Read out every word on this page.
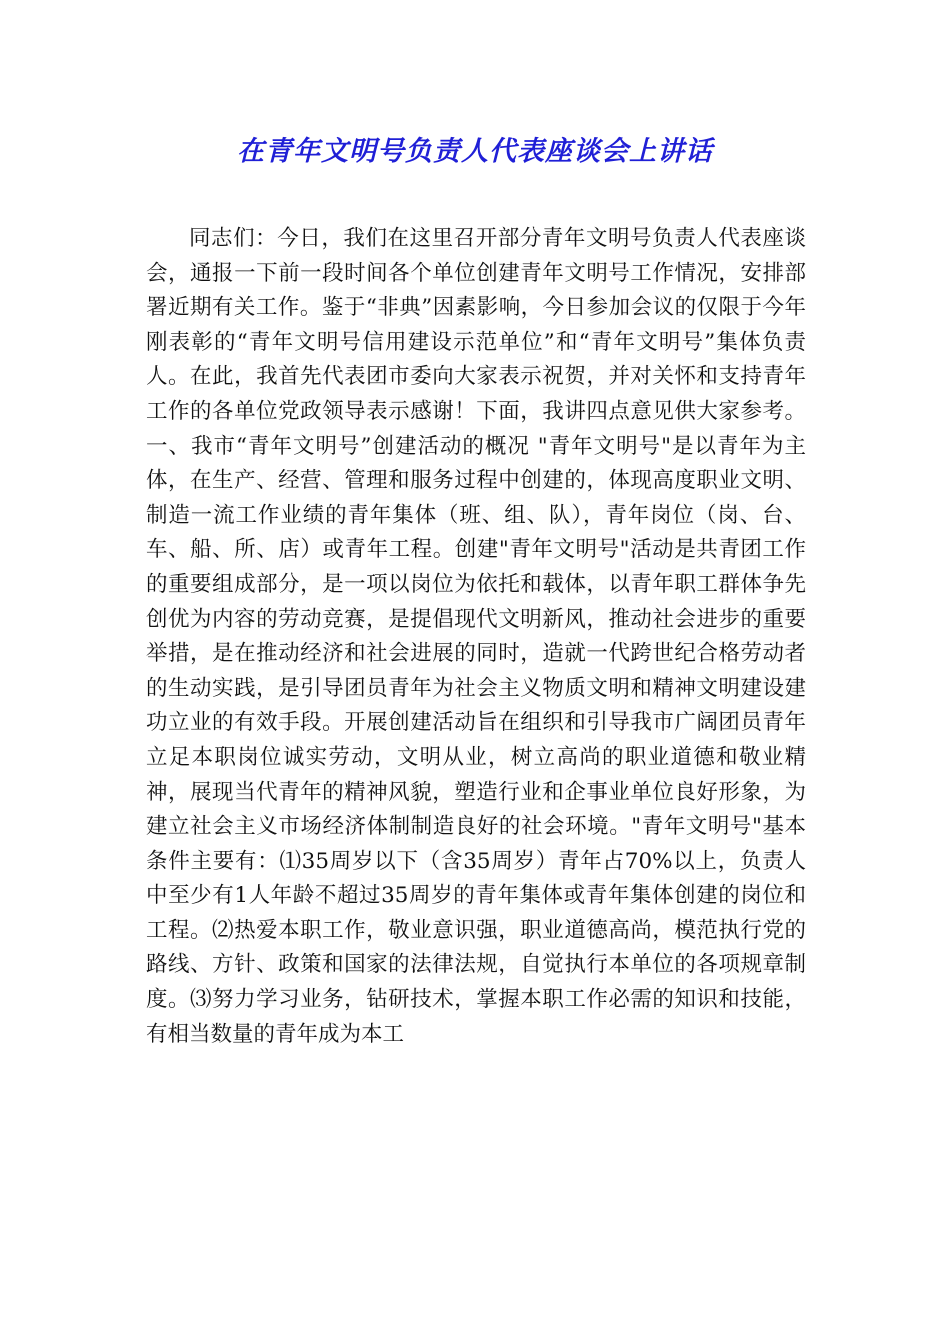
在青年文明号负责人代表座谈会上讲话

同志们：今日，我们在这里召开部分青年文明号负责人代表座谈会，通报一下前一段时间各个单位创建青年文明号工作情况，安排部署近期有关工作。鉴于“非典”因素影响，今日参加会议的仅限于今年刚表彰的“青年文明号信用建设示范单位”和“青年文明号”集体负责人。在此，我首先代表团市委向大家表示祝贺，并对关怀和支持青年工作的各单位党政领导表示感谢！下面，我讲四点意见供大家参考。一、我市“青年文明号”创建活动的概况 "青年文明号"是以青年为主体，在生产、经营、管理和服务过程中创建的，体现高度职业文明、制造一流工作业绩的青年集体（班、组、队），青年岗位（岗、台、车、船、所、店）或青年工程。创建"青年文明号"活动是共青团工作的重要组成部分，是一项以岗位为依托和载体，以青年职工群体争先创优为内容的劳动竞赛，是提倡现代文明新风，推动社会进步的重要举措，是在推动经济和社会进展的同时，造就一代跨世纪合格劳动者的生动实践，是引导团员青年为社会主义物质文明和精神文明建设建功立业的有效手段。开展创建活动旨在组织和引导我市广阔团员青年立足本职岗位诚实劳动，文明从业，树立高尚的职业道德和敬业精神，展现当代青年的精神风貌，塑造行业和企事业单位良好形象，为建立社会主义市场经济体制制造良好的社会环境。"青年文明号"基本条件主要有：⑴35周岁以下（含35周岁）青年占70%以上，负责人中至少有1人年龄不超过35周岁的青年集体或青年集体创建的岗位和工程。⑵热爱本职工作，敬业意识强，职业道德高尚，模范执行党的路线、方针、政策和国家的法律法规，自觉执行本单位的各项规章制度。⑶努力学习业务，钻研技术，掌握本职工作必需的知识和技能，有相当数量的青年成为本工
